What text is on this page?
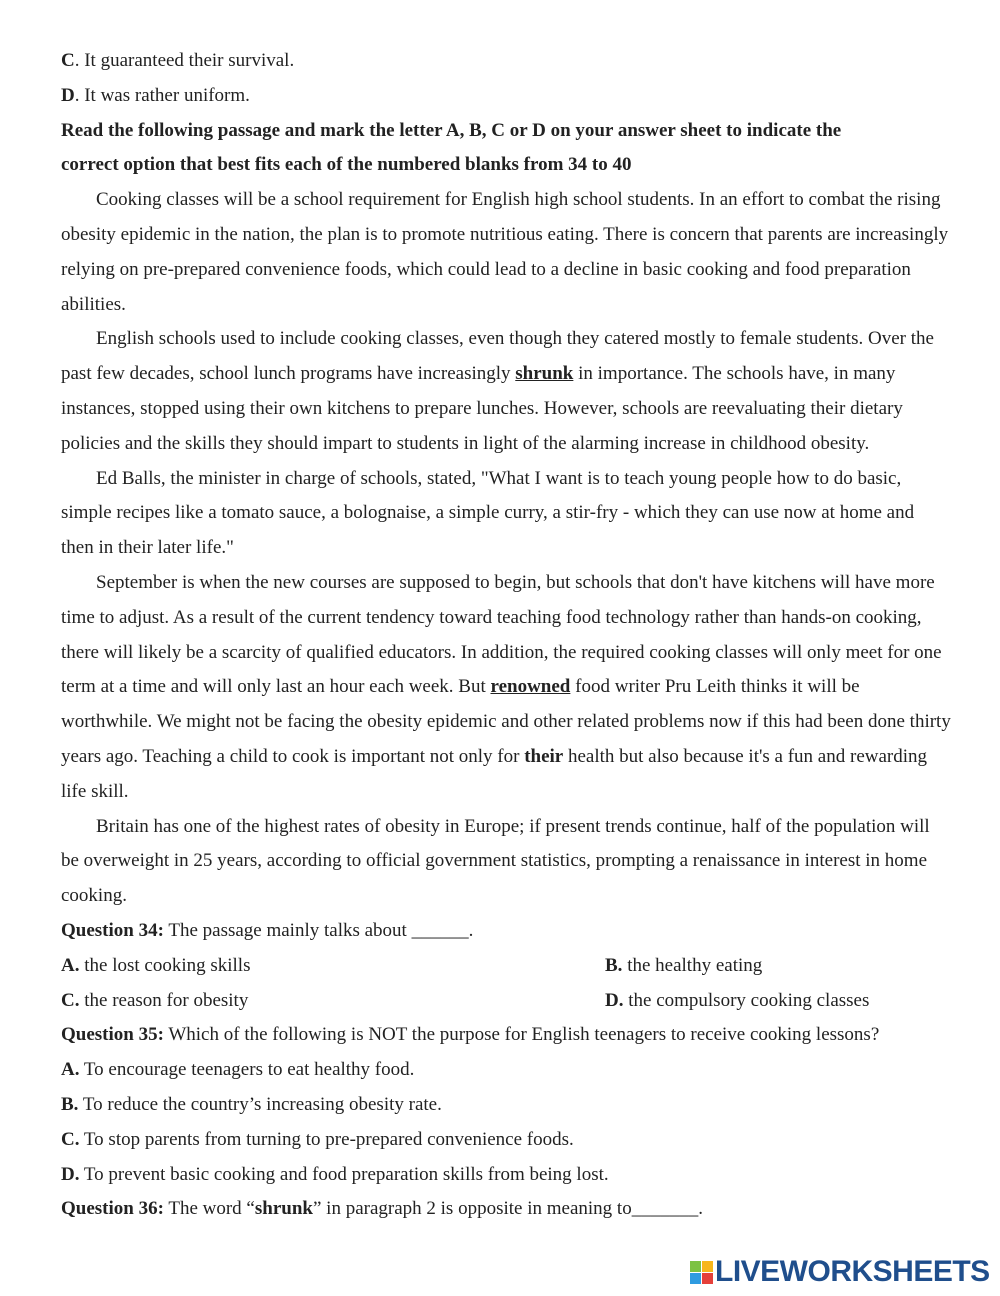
C. It guaranteed their survival.

D. It was rather uniform.

Read the following passage and mark the letter A, B, C or D on your answer sheet to indicate the

correct option that best fits each of the numbered blanks from 34 to 40

Cooking classes will be a school requirement for English high school students. In an effort to combat the rising obesity epidemic in the nation, the plan is to promote nutritious eating. There is concern that parents are increasingly relying on pre-prepared convenience foods, which could lead to a decline in basic cooking and food preparation abilities.

English schools used to include cooking classes, even though they catered mostly to female students. Over the past few decades, school lunch programs have increasingly shrunk in importance. The schools have, in many instances, stopped using their own kitchens to prepare lunches. However, schools are reevaluating their dietary policies and the skills they should impart to students in light of the alarming increase in childhood obesity.

Ed Balls, the minister in charge of schools, stated, "What I want is to teach young people how to do basic, simple recipes like a tomato sauce, a bolognaise, a simple curry, a stir-fry - which they can use now at home and then in their later life."

September is when the new courses are supposed to begin, but schools that don't have kitchens will have more time to adjust. As a result of the current tendency toward teaching food technology rather than hands-on cooking, there will likely be a scarcity of qualified educators. In addition, the required cooking classes will only meet for one term at a time and will only last an hour each week. But renowned food writer Pru Leith thinks it will be worthwhile. We might not be facing the obesity epidemic and other related problems now if this had been done thirty years ago. Teaching a child to cook is important not only for their health but also because it's a fun and rewarding life skill.

Britain has one of the highest rates of obesity in Europe; if present trends continue, half of the population will be overweight in 25 years, according to official government statistics, prompting a renaissance in interest in home cooking.

Question 34: The passage mainly talks about ______.

A. the lost cooking skills	B. the healthy eating
C. the reason for obesity	D. the compulsory cooking classes

Question 35: Which of the following is NOT the purpose for English teenagers to receive cooking lessons?

A. To encourage teenagers to eat healthy food.

B. To reduce the country’s increasing obesity rate.

C. To stop parents from turning to pre-prepared convenience foods.

D. To prevent basic cooking and food preparation skills from being lost.

Question 36: The word “shrunk” in paragraph 2 is opposite in meaning to_______.

LIVEWORKSHEETS
